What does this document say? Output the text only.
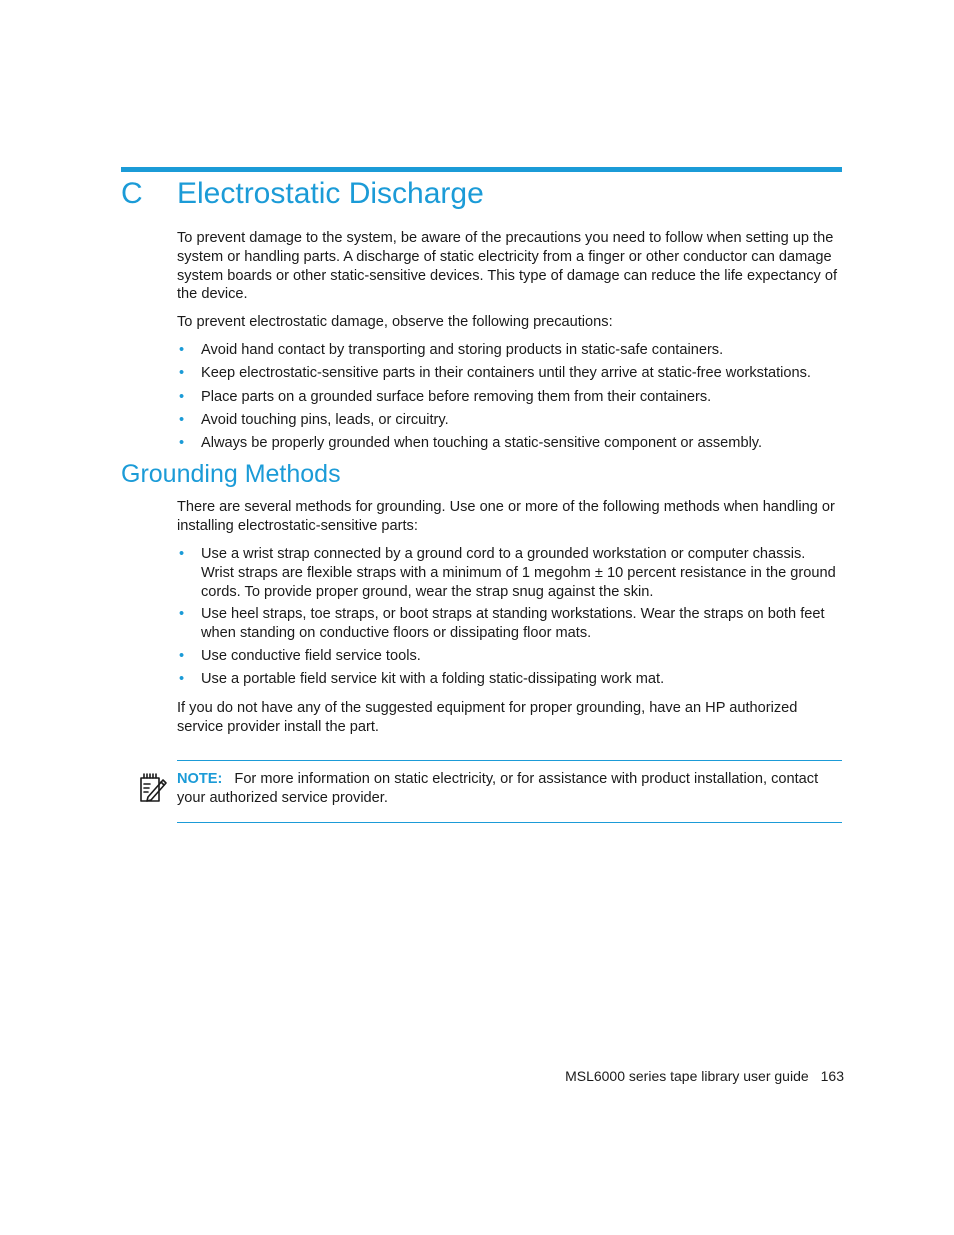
C Electrostatic Discharge

To prevent damage to the system, be aware of the precautions you need to follow when setting up the system or handling parts. A discharge of static electricity from a finger or other conductor can damage system boards or other static-sensitive devices. This type of damage can reduce the life expectancy of the device.

To prevent electrostatic damage, observe the following precautions:

• Avoid hand contact by transporting and storing products in static-safe containers.
• Keep electrostatic-sensitive parts in their containers until they arrive at static-free workstations.
• Place parts on a grounded surface before removing them from their containers.
• Avoid touching pins, leads, or circuitry.
• Always be properly grounded when touching a static-sensitive component or assembly.
Grounding Methods

There are several methods for grounding. Use one or more of the following methods when handling or installing electrostatic-sensitive parts:

• Use a wrist strap connected by a ground cord to a grounded workstation or computer chassis. Wrist straps are flexible straps with a minimum of 1 megohm ± 10 percent resistance in the ground cords. To provide proper ground, wear the strap snug against the skin.
• Use heel straps, toe straps, or boot straps at standing workstations. Wear the straps on both feet when standing on conductive floors or dissipating floor mats.
• Use conductive field service tools.
• Use a portable field service kit with a folding static-dissipating work mat.

If you do not have any of the suggested equipment for proper grounding, have an HP authorized service provider install the part.

NOTE: For more information on static electricity, or for assistance with product installation, contact your authorized service provider.

MSL6000 series tape library user guide 163
